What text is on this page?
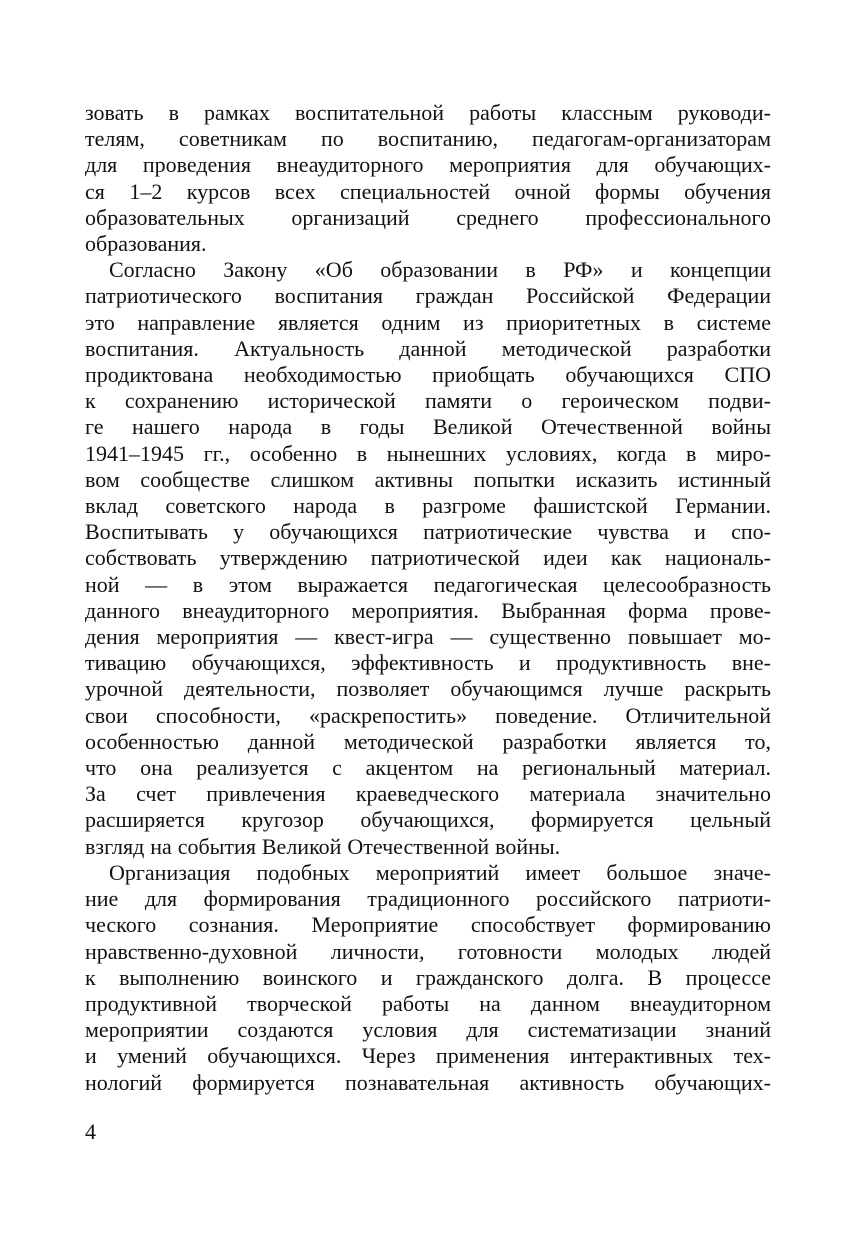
зовать в рамках воспитательной работы классным руководи-
телям, советникам по воспитанию, педагогам-организаторам
для проведения внеаудиторного мероприятия для обучающих-
ся 1–2 курсов всех специальностей очной формы обучения
образовательных организаций среднего профессионального
образования.
Согласно Закону «Об образовании в РФ» и концепции
патриотического воспитания граждан Российской Федерации
это направление является одним из приоритетных в системе
воспитания. Актуальность данной методической разработки
продиктована необходимостью приобщать обучающихся СПО
к сохранению исторической памяти о героическом подви-
ге нашего народа в годы Великой Отечественной войны
1941–1945 гг., особенно в нынешних условиях, когда в миро-
вом сообществе слишком активны попытки исказить истинный
вклад советского народа в разгроме фашистской Германии.
Воспитывать у обучающихся патриотические чувства и спо-
собствовать утверждению патриотической идеи как националь-
ной — в этом выражается педагогическая целесообразность
данного внеаудиторного мероприятия. Выбранная форма прове-
дения мероприятия — квест-игра — существенно повышает мо-
тивацию обучающихся, эффективность и продуктивность вне-
урочной деятельности, позволяет обучающимся лучше раскрыть
свои способности, «раскрепостить» поведение. Отличительной
особенностью данной методической разработки является то,
что она реализуется с акцентом на региональный материал.
За счет привлечения краеведческого материала значительно
расширяется кругозор обучающихся, формируется цельный
взгляд на события Великой Отечественной войны.
Организация подобных мероприятий имеет большое значе-
ние для формирования традиционного российского патриоти-
ческого сознания. Мероприятие способствует формированию
нравственно-духовной личности, готовности молодых людей
к выполнению воинского и гражданского долга. В процессе
продуктивной творческой работы на данном внеаудиторном
мероприятии создаются условия для систематизации знаний
и умений обучающихся. Через применения интерактивных тех-
нологий формируется познавательная активность обучающих-
4
